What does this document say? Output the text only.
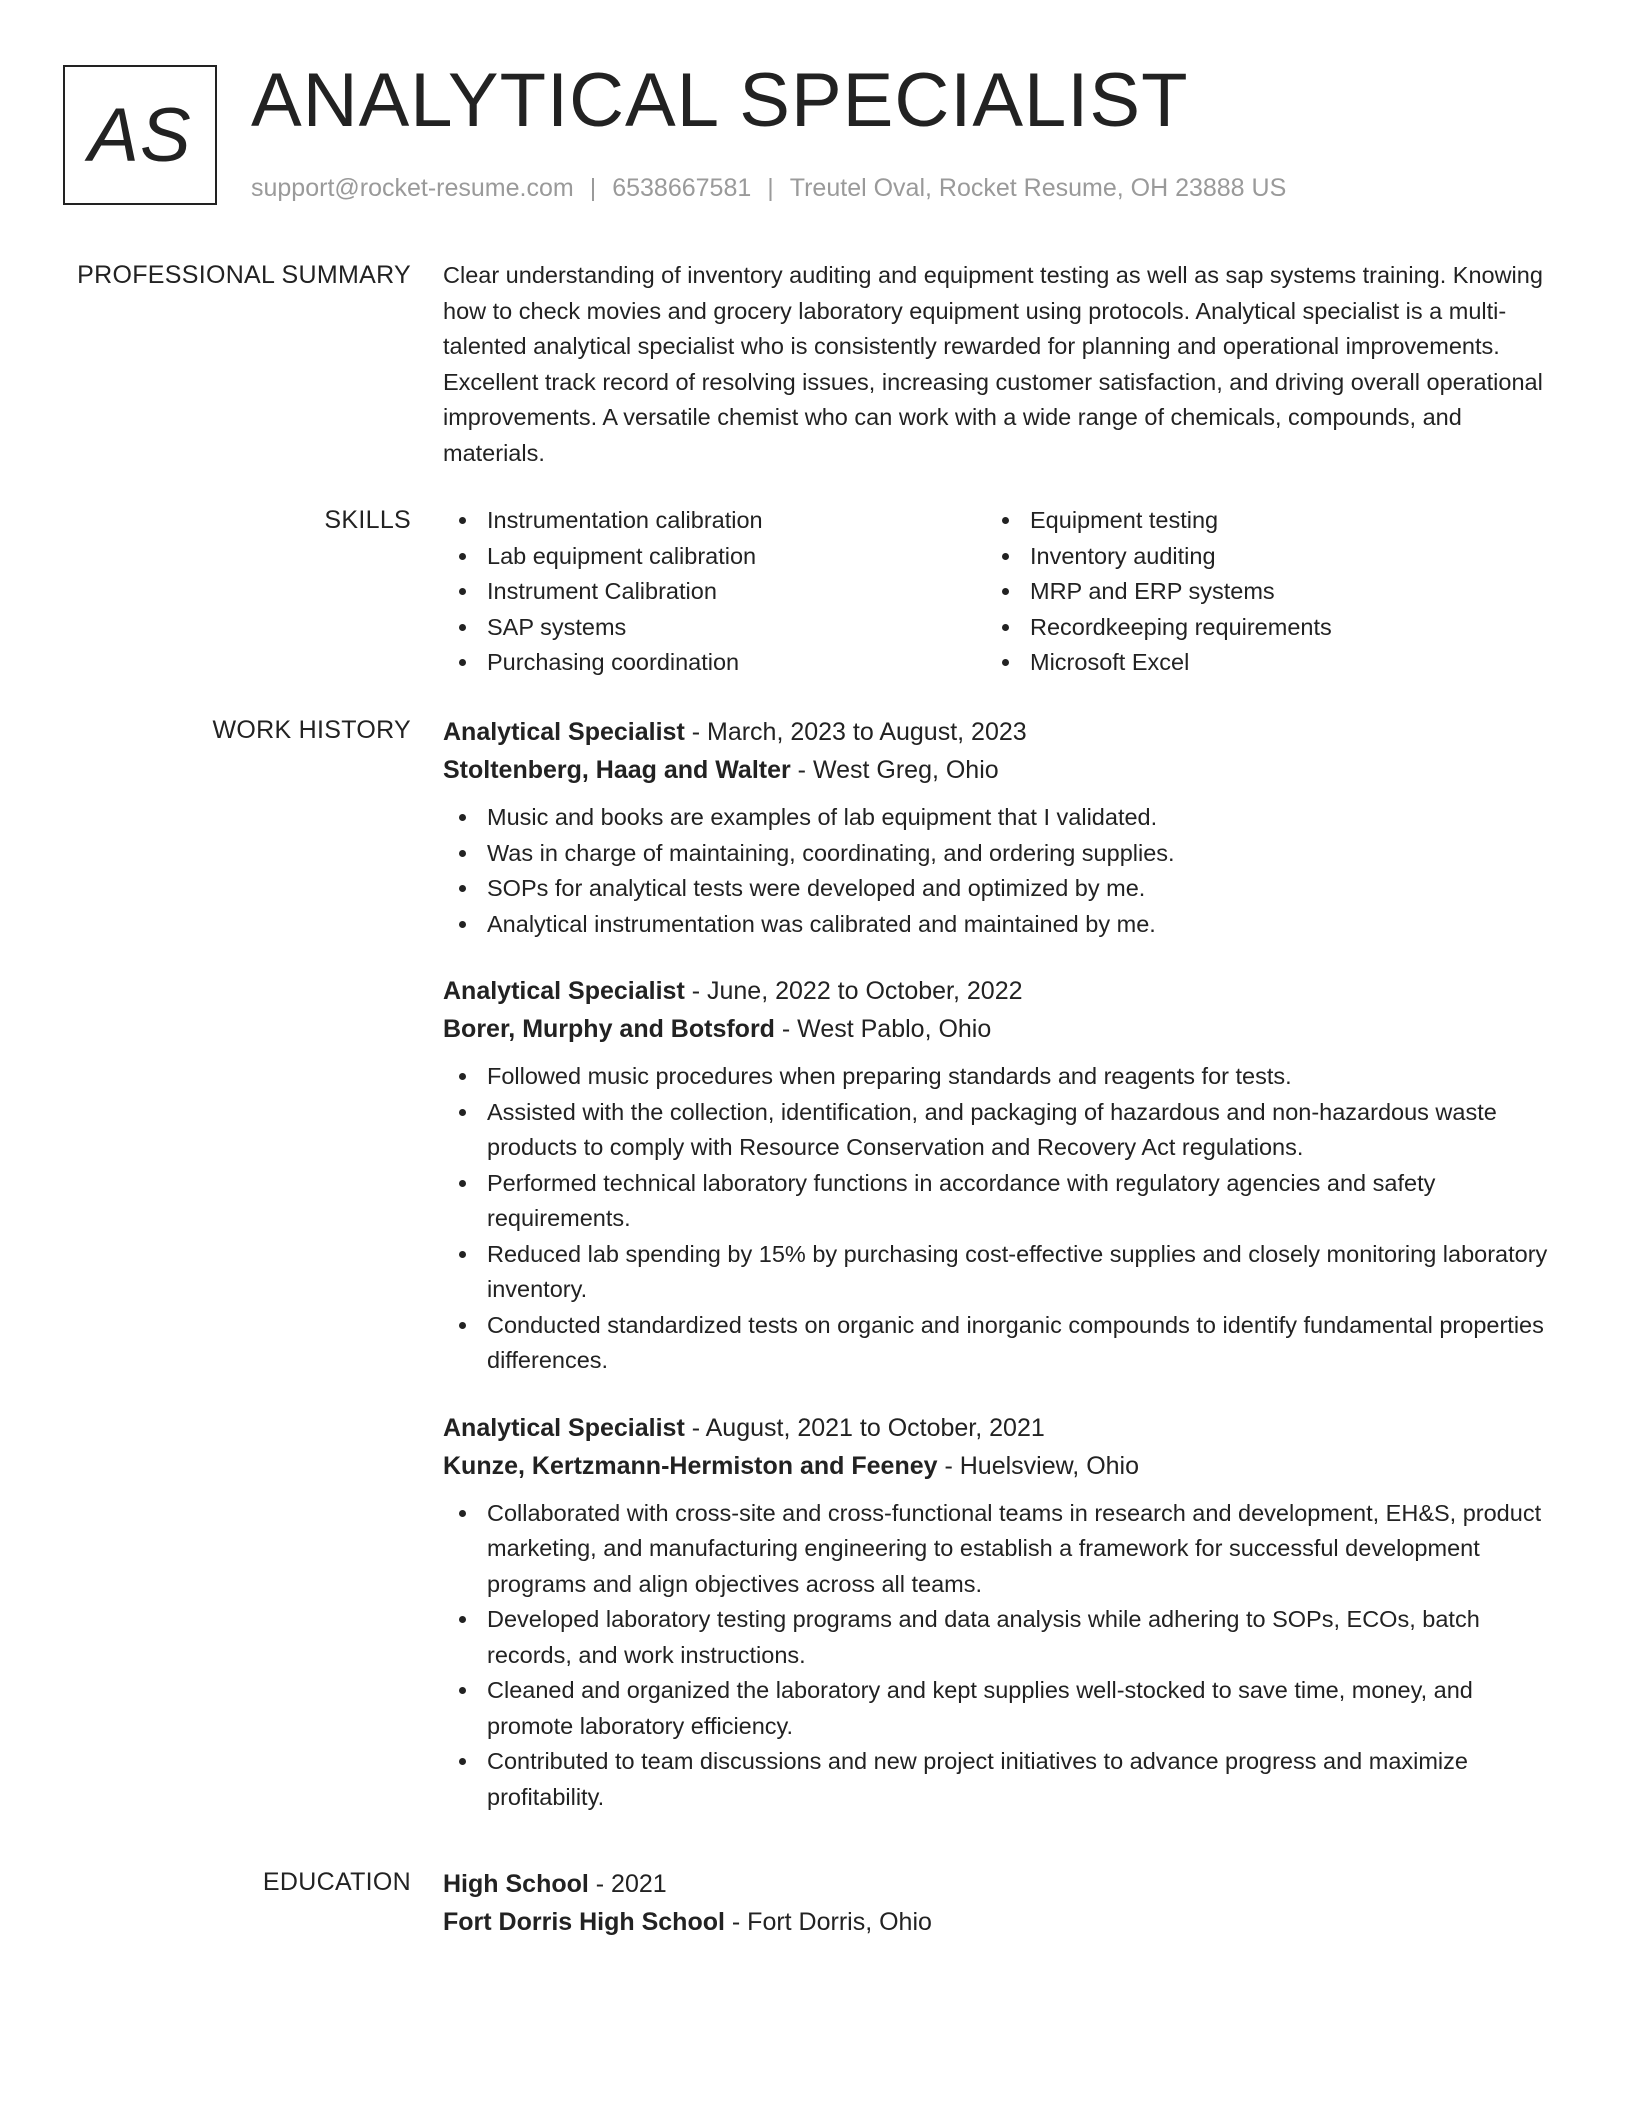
AS ANALYTICAL SPECIALIST
support@rocket-resume.com | 6538667581 | Treutel Oval, Rocket Resume, OH 23888 US
PROFESSIONAL SUMMARY Clear understanding of inventory auditing and equipment testing as well as sap systems training. Knowing how to check movies and grocery laboratory equipment using protocols. Analytical specialist is a multi-talented analytical specialist who is consistently rewarded for planning and operational improvements. Excellent track record of resolving issues, increasing customer satisfaction, and driving overall operational improvements. A versatile chemist who can work with a wide range of chemicals, compounds, and materials.
SKILLS	Instrumentation calibration
Lab equipment calibration
Instrument Calibration
SAP systems
Purchasing coordination
Equipment testing
Inventory auditing
MRP and ERP systems
Recordkeeping requirements
Microsoft Excel
WORK HISTORY Analytical Specialist - March, 2023 to August, 2023
Stoltenberg, Haag and Walter - West Greg, Ohio
Music and books are examples of lab equipment that I validated.
Was in charge of maintaining, coordinating, and ordering supplies.
SOPs for analytical tests were developed and optimized by me.
Analytical instrumentation was calibrated and maintained by me.
Analytical Specialist - June, 2022 to October, 2022
Borer, Murphy and Botsford - West Pablo, Ohio
Followed music procedures when preparing standards and reagents for tests.
Assisted with the collection, identification, and packaging of hazardous and non-hazardous waste products to comply with Resource Conservation and Recovery Act regulations.
Performed technical laboratory functions in accordance with regulatory agencies and safety requirements.
Reduced lab spending by 15% by purchasing cost-effective supplies and closely monitoring laboratory inventory.
Conducted standardized tests on organic and inorganic compounds to identify fundamental properties differences.
Analytical Specialist - August, 2021 to October, 2021
Kunze, Kertzmann-Hermiston and Feeney - Huelsview, Ohio
Collaborated with cross-site and cross-functional teams in research and development, EH&S, product marketing, and manufacturing engineering to establish a framework for successful development programs and align objectives across all teams.
Developed laboratory testing programs and data analysis while adhering to SOPs, ECOs, batch records, and work instructions.
Cleaned and organized the laboratory and kept supplies well-stocked to save time, money, and promote laboratory efficiency.
Contributed to team discussions and new project initiatives to advance progress and maximize profitability.
EDUCATION High School - 2021
Fort Dorris High School - Fort Dorris, Ohio
